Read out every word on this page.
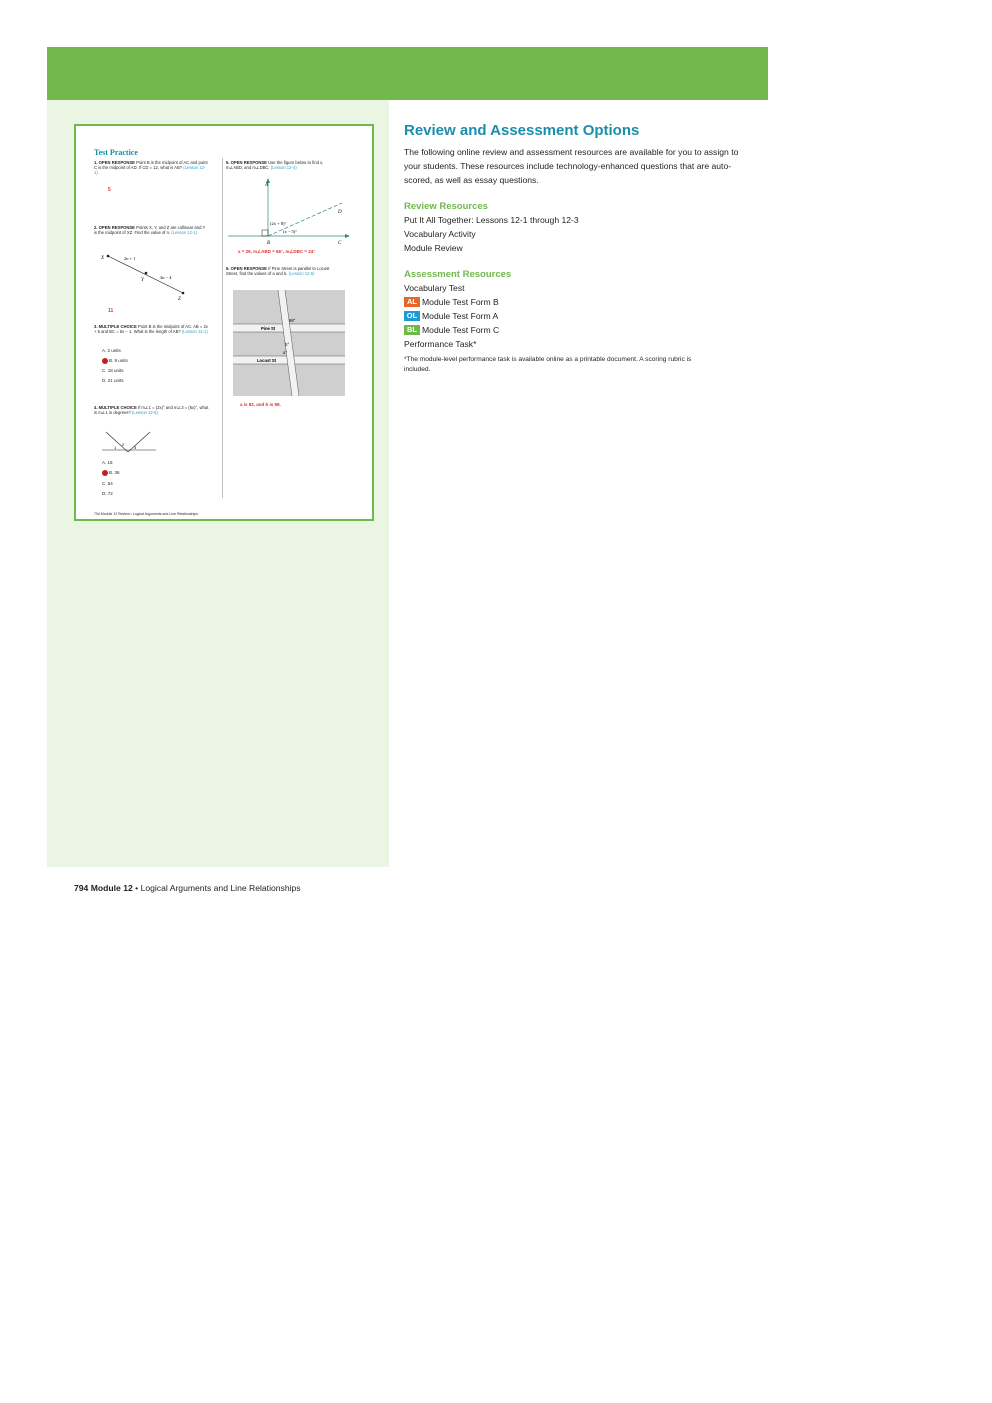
Test Practice
1. OPEN RESPONSE Point B is the midpoint of AC and point C is the midpoint of AD. If CD = 12, what is AB? (Lesson 12-1)
5
2. OPEN RESPONSE Points X, Y, and Z are collinear and Y is the midpoint of XZ. Find the value of n. (Lesson 12-1)
X
Y
Z
2n + 1
3n − 4
11
3. MULTIPLE CHOICE Point B is the midpoint of AC. AB = 2x + 5 and BC = 5x − 1. What is the length of AB? (Lesson 12-1)
A. 2 units
B. 9 units
C. 18 units
D. 21 units
4. MULTIPLE CHOICE If m∠1 = (2x)° and m∠3 = (5x)°, what is m∠1 in degrees? (Lesson 12-5)
2
1	3
A. 18
B. 36
C. 54
D. 72
5. OPEN RESPONSE Use the figure below to find x, m∠ABD, and m∠DBC. (Lesson 12-4)
A
B	C
D
(2x + 8)°
(x − 5)°
x = 29, m∠ABD = 66°, m∠DBC = 24°
6. OPEN RESPONSE If Pine Street is parallel to Locust Street, find the values of a and b. (Lesson 12-5)
Pine St
Locust St
98°
a°
b°
a is 82, and b is 98.
794 Module 12 Review • Logical Arguments and Line Relationships
Review and Assessment Options
The following online review and assessment resources are available for you to assign to your students. These resources include technology-enhanced questions that are auto-scored, as well as essay questions.
Review Resources
Put It All Together: Lessons 12-1 through 12-3
Vocabulary Activity
Module Review
Assessment Resources
Vocabulary Test
AL Module Test Form B
OL Module Test Form A
BL Module Test Form C
Performance Task*
*The module-level performance task is available online as a printable document. A scoring rubric is included.
794 Module 12 • Logical Arguments and Line Relationships
